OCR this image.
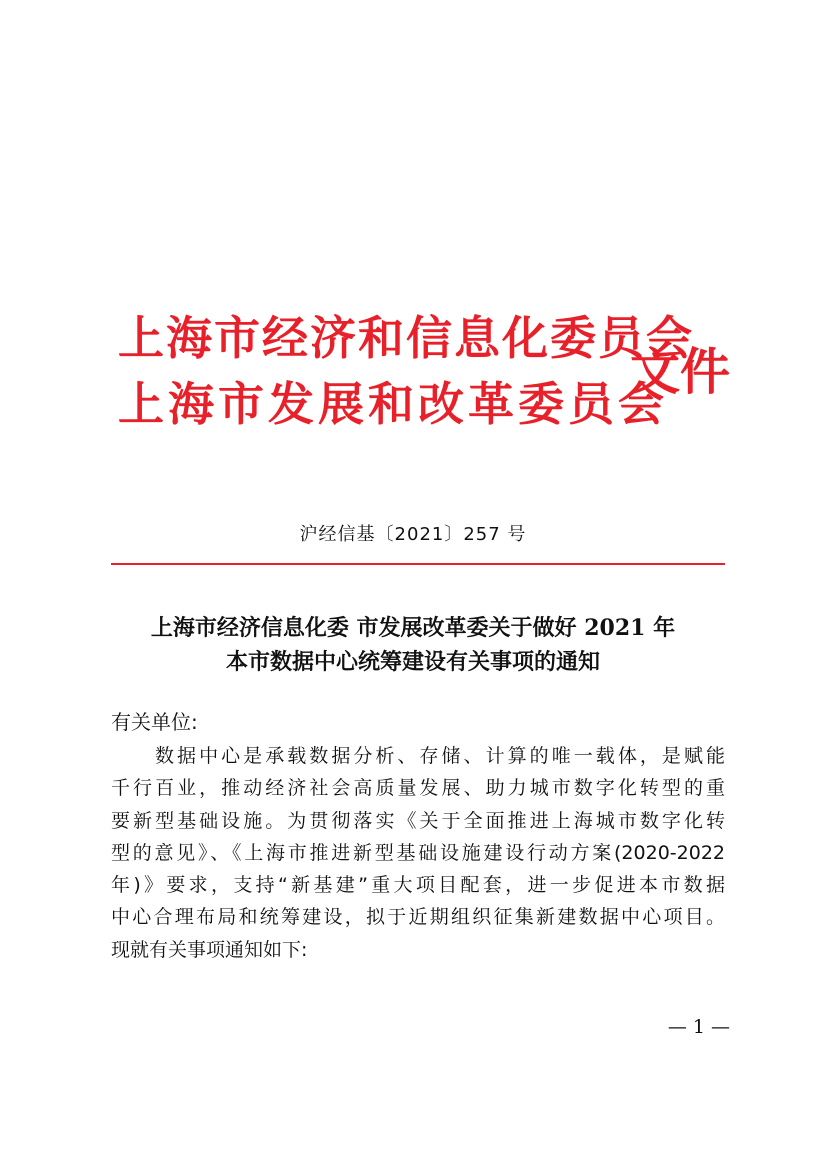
上海市经济和信息化委员会
上海市发展和改革委员会
文件
沪经信基〔2021〕257 号
上海市经济信息化委 市发展改革委关于做好 2021 年
本市数据中心统筹建设有关事项的通知
有关单位:
数据中心是承载数据分析、存储、计算的唯一载体，是赋能
千行百业，推动经济社会高质量发展、助力城市数字化转型的重
要新型基础设施。为贯彻落实《关于全面推进上海城市数字化转
型的意见》、《上海市推进新型基础设施建设行动方案(2020-2022
年)》要求，支持“新基建”重大项目配套，进一步促进本市数据
中心合理布局和统筹建设，拟于近期组织征集新建数据中心项目。
现就有关事项通知如下:
— 1 —
